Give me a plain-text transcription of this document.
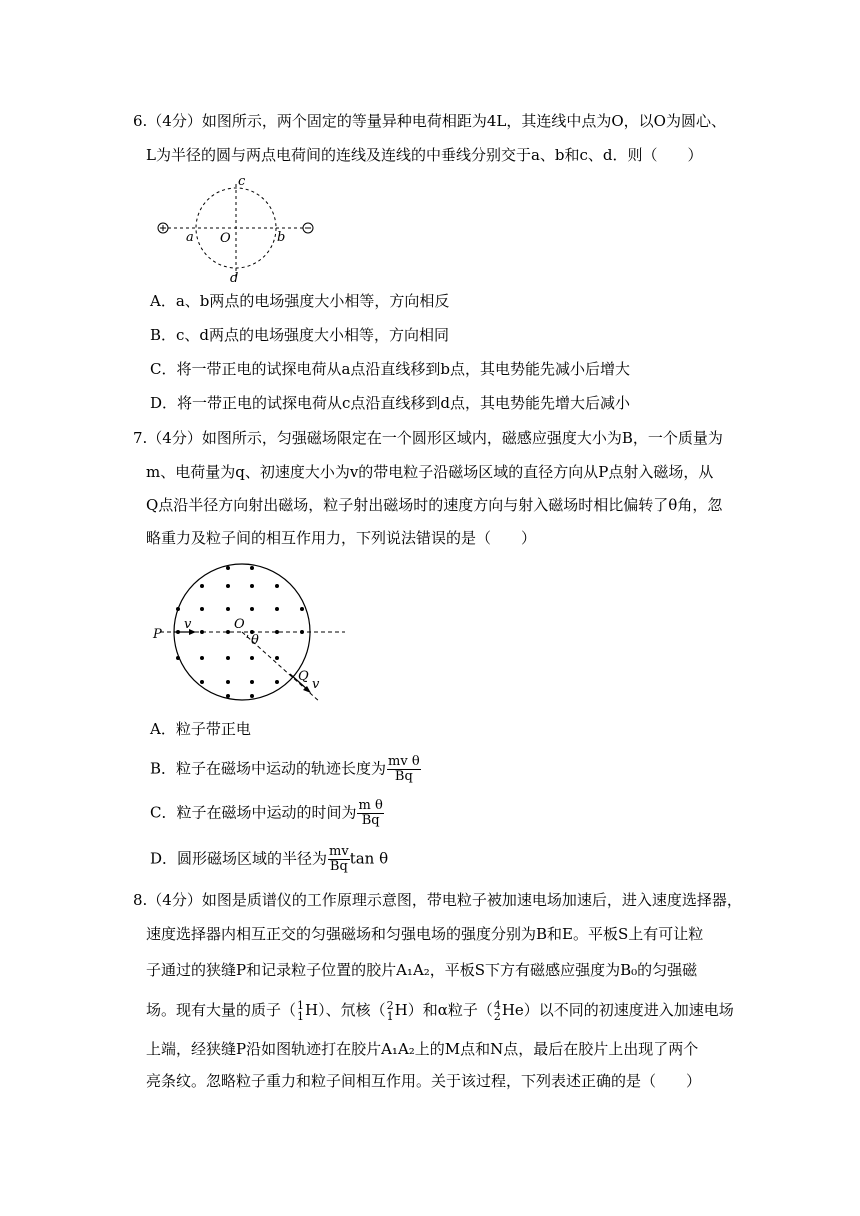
6.（4分）如图所示，两个固定的等量异种电荷相距为4L，其连线中点为O，以O为圆心、
L为半径的圆与两点电荷间的连线及连线的中垂线分别交于a、b和c、d．则（　　）
c
a O	b
d
A．a、b两点的电场强度大小相等，方向相反
B．c、d两点的电场强度大小相等，方向相同
C．将一带正电的试探电荷从a点沿直线移到b点，其电势能先减小后增大
D．将一带正电的试探电荷从c点沿直线移到d点，其电势能先增大后减小
7.（4分）如图所示，匀强磁场限定在一个圆形区域内，磁感应强度大小为B，一个质量为
m、电荷量为q、初速度大小为v的带电粒子沿磁场区域的直径方向从P点射入磁场，从
Q点沿半径方向射出磁场，粒子射出磁场时的速度方向与射入磁场时相比偏转了θ角，忽
略重力及粒子间的相互作用力，下列说法错误的是（　　）
P
v	O
θ
Q
v
A．粒子带正电
B．粒子在磁场中运动的轨迹长度为 $\frac{\text{mv θ}}{Bq}$
C．粒子在磁场中运动的时间为 $\frac{\text{m θ}}{Bq}$
D．圆形磁场区域的半径为 $\frac{mv}{Bq}$ tan θ
8.（4分）如图是质谱仪的工作原理示意图，带电粒子被加速电场加速后，进入速度选择器，
速度选择器内相互正交的匀强磁场和匀强电场的强度分别为B和E。平板S上有可让粒
子通过的狭缝P和记录粒子位置的胶片A₁A₂，平板S下方有磁感应强度为B₀的匀强磁
场。现有大量的质子（ 1
1 H）、氘核（ 2
1 H）和α粒子（ 4
2 He）以不同的初速度进入加速电场
上端，经狭缝P沿如图轨迹打在胶片A₁A₂上的M点和N点，最后在胶片上出现了两个
亮条纹。忽略粒子重力和粒子间相互作用。关于该过程，下列表述正确的是（　　）
